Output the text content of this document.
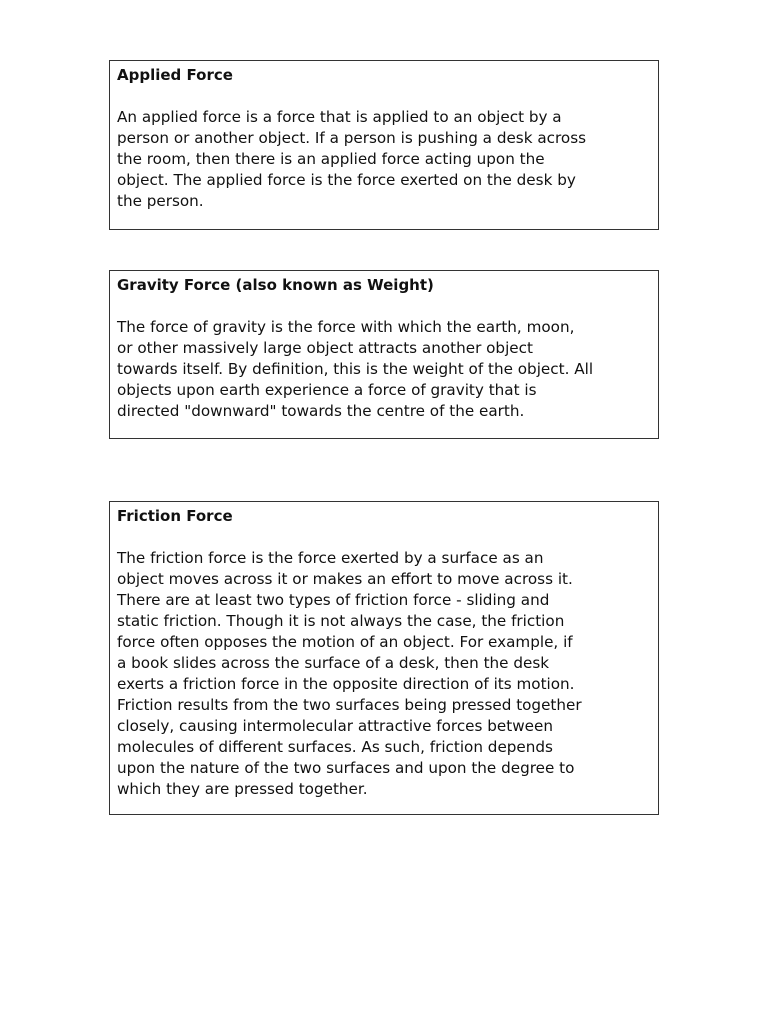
Applied Force

An applied force is a force that is applied to an object by a
person or another object. If a person is pushing a desk across
the room, then there is an applied force acting upon the
object. The applied force is the force exerted on the desk by
the person.

Gravity Force (also known as Weight)

The force of gravity is the force with which the earth, moon,
or other massively large object attracts another object
towards itself. By definition, this is the weight of the object. All
objects upon earth experience a force of gravity that is
directed "downward" towards the centre of the earth.

Friction Force

The friction force is the force exerted by a surface as an
object moves across it or makes an effort to move across it.
There are at least two types of friction force - sliding and
static friction. Though it is not always the case, the friction
force often opposes the motion of an object. For example, if
a book slides across the surface of a desk, then the desk
exerts a friction force in the opposite direction of its motion.
Friction results from the two surfaces being pressed together
closely, causing intermolecular attractive forces between
molecules of different surfaces. As such, friction depends
upon the nature of the two surfaces and upon the degree to
which they are pressed together.
